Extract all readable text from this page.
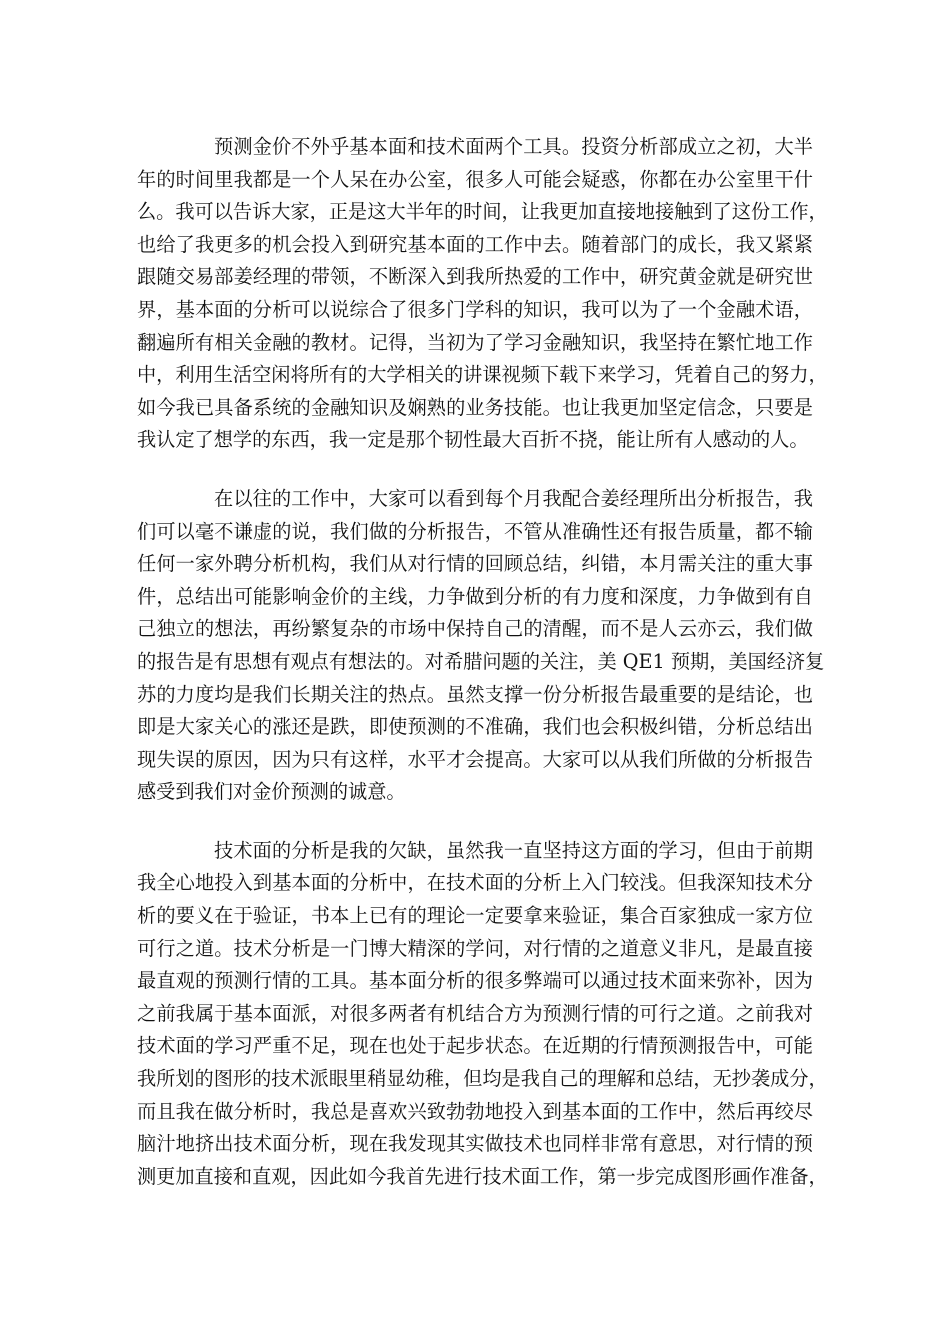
预测金价不外乎基本面和技术面两个工具。投资分析部成立之初，大半
年的时间里我都是一个人呆在办公室，很多人可能会疑惑，你都在办公室里干什
么。我可以告诉大家，正是这大半年的时间，让我更加直接地接触到了这份工作，
也给了我更多的机会投入到研究基本面的工作中去。随着部门的成长，我又紧紧
跟随交易部姜经理的带领，不断深入到我所热爱的工作中，研究黄金就是研究世
界，基本面的分析可以说综合了很多门学科的知识，我可以为了一个金融术语，
翻遍所有相关金融的教材。记得，当初为了学习金融知识，我坚持在繁忙地工作
中，利用生活空闲将所有的大学相关的讲课视频下载下来学习，凭着自己的努力，
如今我已具备系统的金融知识及娴熟的业务技能。也让我更加坚定信念，只要是
我认定了想学的东西，我一定是那个韧性最大百折不挠，能让所有人感动的人。

在以往的工作中，大家可以看到每个月我配合姜经理所出分析报告，我
们可以毫不谦虚的说，我们做的分析报告，不管从准确性还有报告质量，都不输
任何一家外聘分析机构，我们从对行情的回顾总结，纠错，本月需关注的重大事
件，总结出可能影响金价的主线，力争做到分析的有力度和深度，力争做到有自
己独立的想法，再纷繁复杂的市场中保持自己的清醒，而不是人云亦云，我们做
的报告是有思想有观点有想法的。对希腊问题的关注，美 QE1 预期，美国经济复
苏的力度均是我们长期关注的热点。虽然支撑一份分析报告最重要的是结论，也
即是大家关心的涨还是跌，即使预测的不准确，我们也会积极纠错，分析总结出
现失误的原因，因为只有这样，水平才会提高。大家可以从我们所做的分析报告
感受到我们对金价预测的诚意。

技术面的分析是我的欠缺，虽然我一直坚持这方面的学习，但由于前期
我全心地投入到基本面的分析中，在技术面的分析上入门较浅。但我深知技术分
析的要义在于验证，书本上已有的理论一定要拿来验证，集合百家独成一家方位
可行之道。技术分析是一门博大精深的学问，对行情的之道意义非凡，是最直接
最直观的预测行情的工具。基本面分析的很多弊端可以通过技术面来弥补，因为
之前我属于基本面派，对很多两者有机结合方为预测行情的可行之道。之前我对
技术面的学习严重不足，现在也处于起步状态。在近期的行情预测报告中，可能
我所划的图形的技术派眼里稍显幼稚，但均是我自己的理解和总结，无抄袭成分，
而且我在做分析时，我总是喜欢兴致勃勃地投入到基本面的工作中，然后再绞尽
脑汁地挤出技术面分析，现在我发现其实做技术也同样非常有意思，对行情的预
测更加直接和直观，因此如今我首先进行技术面工作，第一步完成图形画作准备，
